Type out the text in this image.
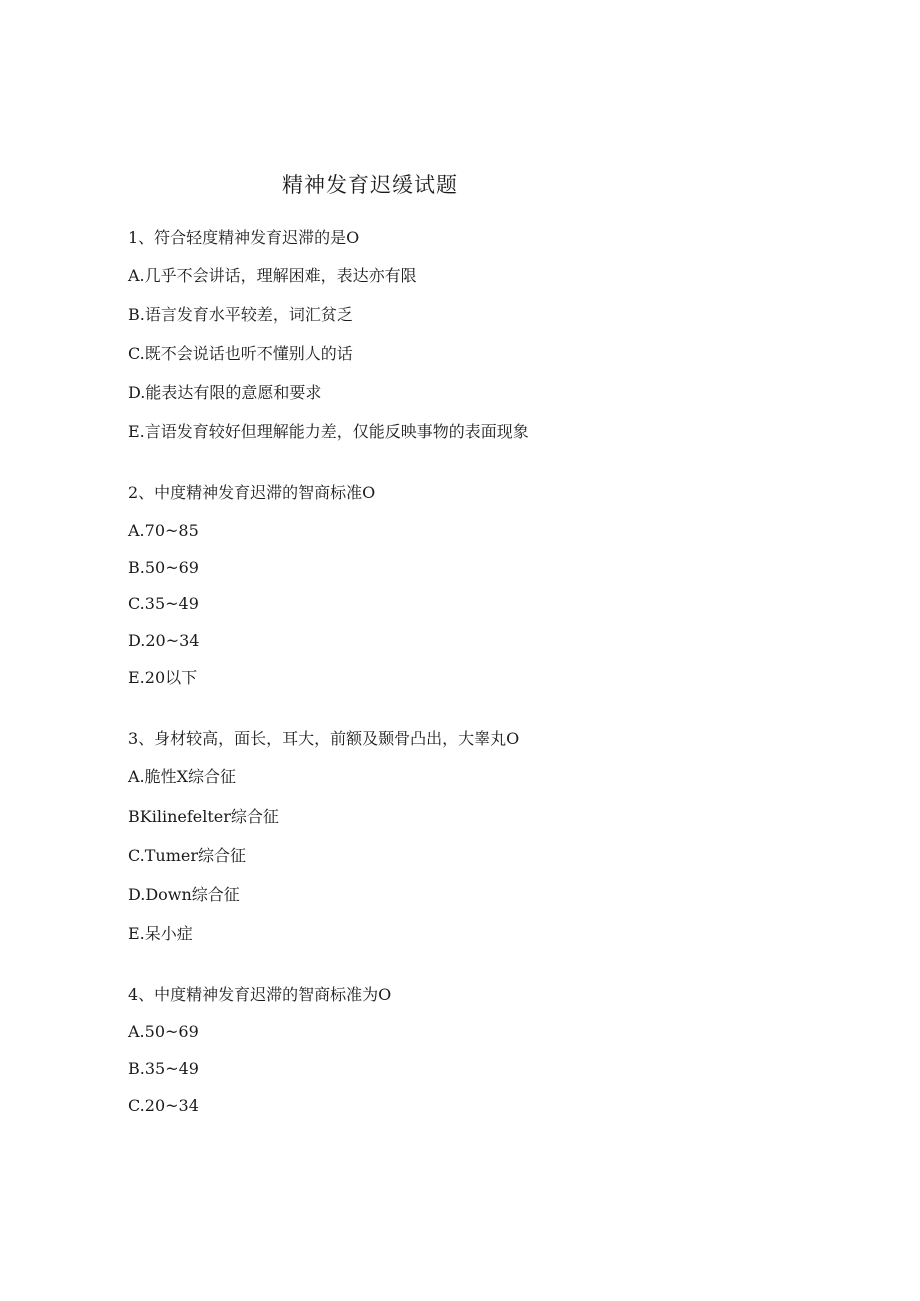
精神发育迟缓试题
1、符合轻度精神发育迟滞的是O
A.几乎不会讲话，理解困难，表达亦有限
B.语言发育水平较差，词汇贫乏
C.既不会说话也听不懂别人的话
D.能表达有限的意愿和要求
E.言语发育较好但理解能力差，仅能反映事物的表面现象
2、中度精神发育迟滞的智商标准O
A.70~85
B.50~69
C.35~49
D.20~34
E.20以下
3、身材较高，面长，耳大，前额及颞骨凸出，大睾丸O
A.脆性X综合征
BKilinefelter综合征
C.Tumer综合征
D.Down综合征
E.呆小症
4、中度精神发育迟滞的智商标准为O
A.50~69
B.35~49
C.20~34
